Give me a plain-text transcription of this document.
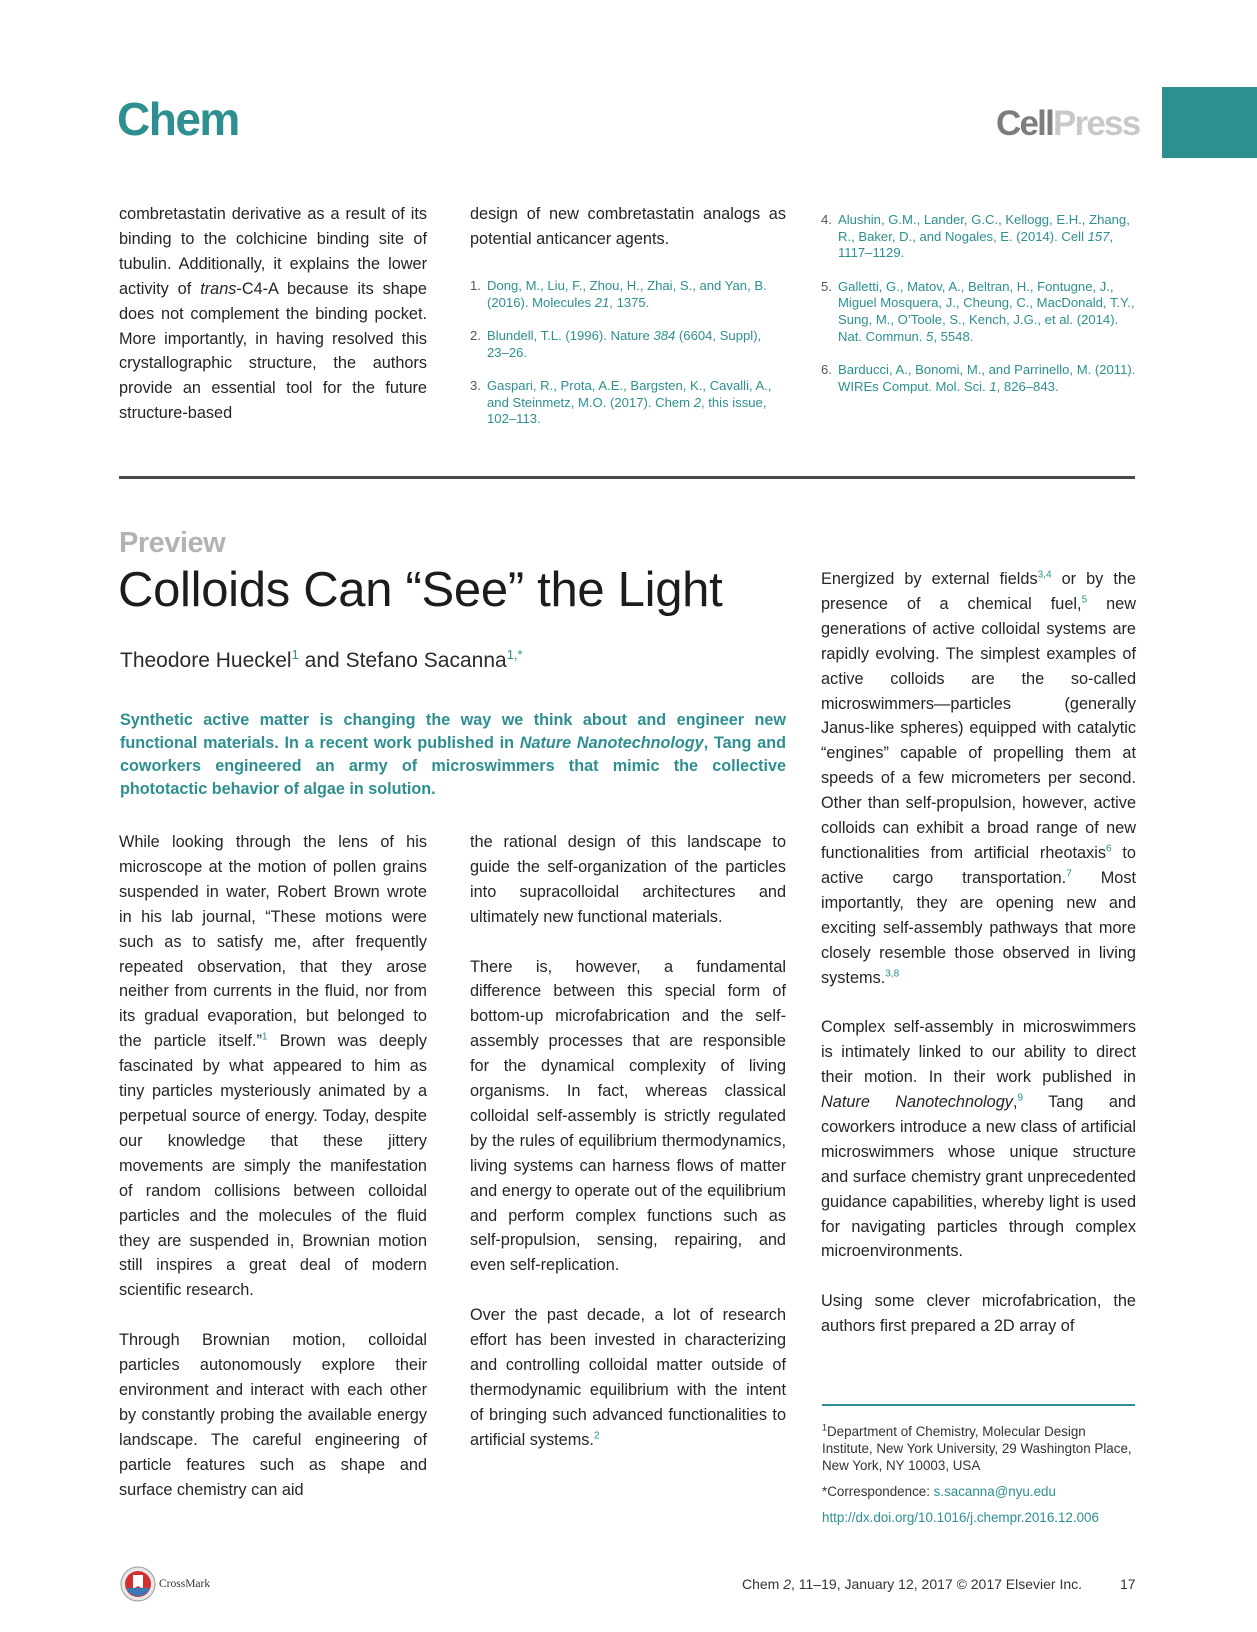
Chem	CellPress

combretastatin derivative as a result of its binding to the colchicine binding site of tubulin. Additionally, it explains the lower activity of trans-C4-A because its shape does not complement the binding pocket. More importantly, in having resolved this crystallographic structure, the authors provide an essential tool for the future structure-based

design of new combretastatin analogs as potential anticancer agents.

1. Dong, M., Liu, F., Zhou, H., Zhai, S., and Yan, B. (2016). Molecules 21, 1375.
2. Blundell, T.L. (1996). Nature 384 (6604, Suppl), 23–26.
3. Gaspari, R., Prota, A.E., Bargsten, K., Cavalli, A., and Steinmetz, M.O. (2017). Chem 2, this issue, 102–113.
4. Alushin, G.M., Lander, G.C., Kellogg, E.H., Zhang, R., Baker, D., and Nogales, E. (2014). Cell 157, 1117–1129.
5. Galletti, G., Matov, A., Beltran, H., Fontugne, J., Miguel Mosquera, J., Cheung, C., MacDonald, T.Y., Sung, M., O’Toole, S., Kench, J.G., et al. (2014). Nat. Commun. 5, 5548.
6. Barducci, A., Bonomi, M., and Parrinello, M. (2011). WIREs Comput. Mol. Sci. 1, 826–843.
Preview
Colloids Can “See” the Light
Theodore Hueckel$^1$ and Stefano Sacanna$^{1,*}$
Synthetic active matter is changing the way we think about and engineer new functional materials. In a recent work published in Nature Nanotechnology, Tang and coworkers engineered an army of microswimmers that mimic the collective phototactic behavior of algae in solution.

While looking through the lens of his microscope at the motion of pollen grains suspended in water, Robert Brown wrote in his lab journal, “These motions were such as to satisfy me, after frequently repeated observation, that they arose neither from currents in the fluid, nor from its gradual evaporation, but belonged to the particle itself.”$^1$ Brown was deeply fascinated by what appeared to him as tiny particles mysteriously animated by a perpetual source of energy. Today, despite our knowledge that these jittery movements are simply the manifestation of random collisions between colloidal particles and the molecules of the fluid they are suspended in, Brownian motion still inspires a great deal of modern scientific research.

Through Brownian motion, colloidal particles autonomously explore their environment and interact with each other by constantly probing the available energy landscape. The careful engineering of particle features such as shape and surface chemistry can aid

the rational design of this landscape to guide the self-organization of the particles into supracolloidal architectures and ultimately new functional materials.

There is, however, a fundamental difference between this special form of bottom-up microfabrication and the self-assembly processes that are responsible for the dynamical complexity of living organisms. In fact, whereas classical colloidal self-assembly is strictly regulated by the rules of equilibrium thermodynamics, living systems can harness flows of matter and energy to operate out of the equilibrium and perform complex functions such as self-propulsion, sensing, repairing, and even self-replication.

Over the past decade, a lot of research effort has been invested in characterizing and controlling colloidal matter outside of thermodynamic equilibrium with the intent of bringing such advanced functionalities to artificial systems.$^2$

Energized by external fields$^{3,4}$ or by the presence of a chemical fuel,$^5$ new generations of active colloidal systems are rapidly evolving. The simplest examples of active colloids are the so-called microswimmers—particles (generally Janus-like spheres) equipped with catalytic “engines” capable of propelling them at speeds of a few micrometers per second. Other than self-propulsion, however, active colloids can exhibit a broad range of new functionalities from artificial rheotaxis$^6$ to active cargo transportation.$^7$ Most importantly, they are opening new and exciting self-assembly pathways that more closely resemble those observed in living systems.$^{3,8}$

Complex self-assembly in microswimmers is intimately linked to our ability to direct their motion. In their work published in Nature Nanotechnology,$^9$ Tang and coworkers introduce a new class of artificial microswimmers whose unique structure and surface chemistry grant unprecedented guidance capabilities, whereby light is used for navigating particles through complex microenvironments.

Using some clever microfabrication, the authors first prepared a 2D array of

$^1$Department of Chemistry, Molecular Design Institute, New York University, 29 Washington Place, New York, NY 10003, USA
*Correspondence: s.sacanna@nyu.edu
http://dx.doi.org/10.1016/j.chempr.2016.12.006
CrossMark	Chem 2, 11–19, January 12, 2017 © 2017 Elsevier Inc.	17
